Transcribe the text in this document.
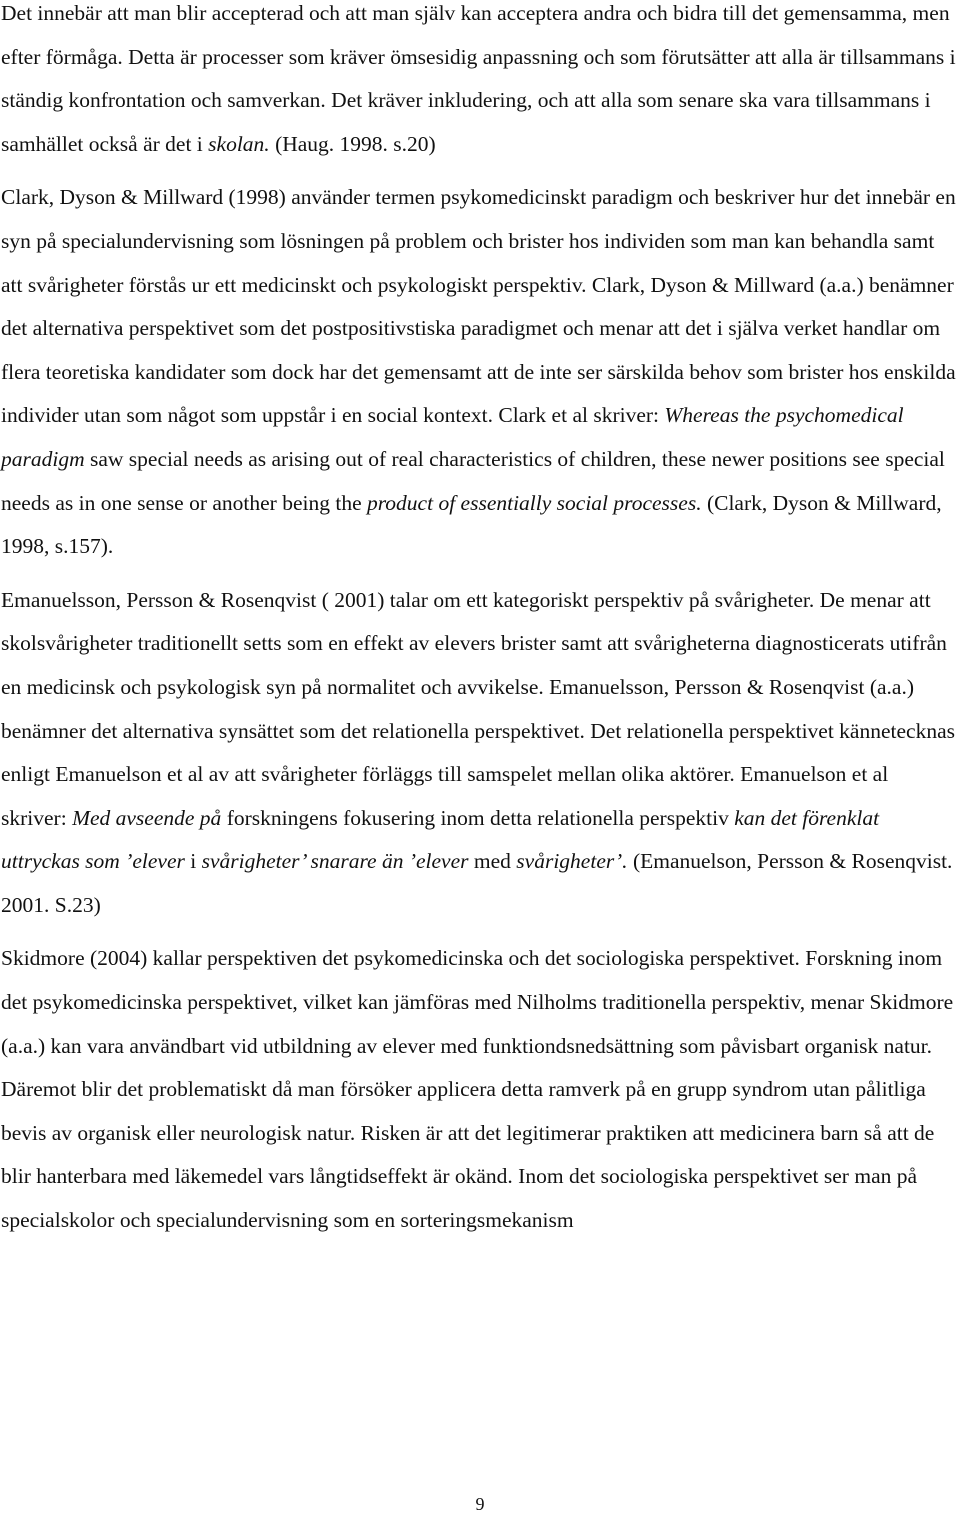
Det innebär att man blir accepterad och att man själv kan acceptera andra och bidra till det gemensamma, men efter förmåga. Detta är processer som kräver ömsesidig anpassning och som förutsätter att alla är tillsammans i ständig konfrontation och samverkan. Det kräver inkludering, och att alla som senare ska vara tillsammans i samhället också är det i skolan. (Haug. 1998. s.20)

Clark, Dyson & Millward (1998) använder termen psykomedicinskt paradigm och beskriver hur det innebär en syn på specialundervisning som lösningen på problem och brister hos individen som man kan behandla samt att svårigheter förstås ur ett medicinskt och psykologiskt perspektiv. Clark, Dyson & Millward (a.a.) benämner det alternativa perspektivet som det postpositivstiska paradigmet och menar att det i själva verket handlar om flera teoretiska kandidater som dock har det gemensamt att de inte ser särskilda behov som brister hos enskilda individer utan som något som uppstår i en social kontext. Clark et al skriver: Whereas the psychomedical paradigm saw special needs as arising out of real characteristics of children, these newer positions see special needs as in one sense or another being the product of essentially social processes. (Clark, Dyson & Millward, 1998, s.157).

Emanuelsson, Persson & Rosenqvist ( 2001) talar om ett kategoriskt perspektiv på svårigheter. De menar att skolsvårigheter traditionellt setts som en effekt av elevers brister samt att svårigheterna diagnosticerats utifrån en medicinsk och psykologisk syn på normalitet och avvikelse. Emanuelsson, Persson & Rosenqvist (a.a.) benämner det alternativa synsättet som det relationella perspektivet. Det relationella perspektivet kännetecknas enligt Emanuelson et al av att svårigheter förläggs till samspelet mellan olika aktörer. Emanuelson et al skriver: Med avseende på forskningens fokusering inom detta relationella perspektiv kan det förenklat uttryckas som ’elever i svårigheter’ snarare än ’elever med svårigheter’. (Emanuelson, Persson & Rosenqvist. 2001. S.23)

Skidmore (2004) kallar perspektiven det psykomedicinska och det sociologiska perspektivet. Forskning inom det psykomedicinska perspektivet, vilket kan jämföras med Nilholms traditionella perspektiv, menar Skidmore (a.a.) kan vara användbart vid utbildning av elever med funktiondsnedsättning som påvisbart organisk natur. Däremot blir det problematiskt då man försöker applicera detta ramverk på en grupp syndrom utan pålitliga bevis av organisk eller neurologisk natur. Risken är att det legitimerar praktiken att medicinera barn så att de blir hanterbara med läkemedel vars långtidseffekt är okänd. Inom det sociologiska perspektivet ser man på specialskolor och specialundervisning som en sorteringsmekanism

9
